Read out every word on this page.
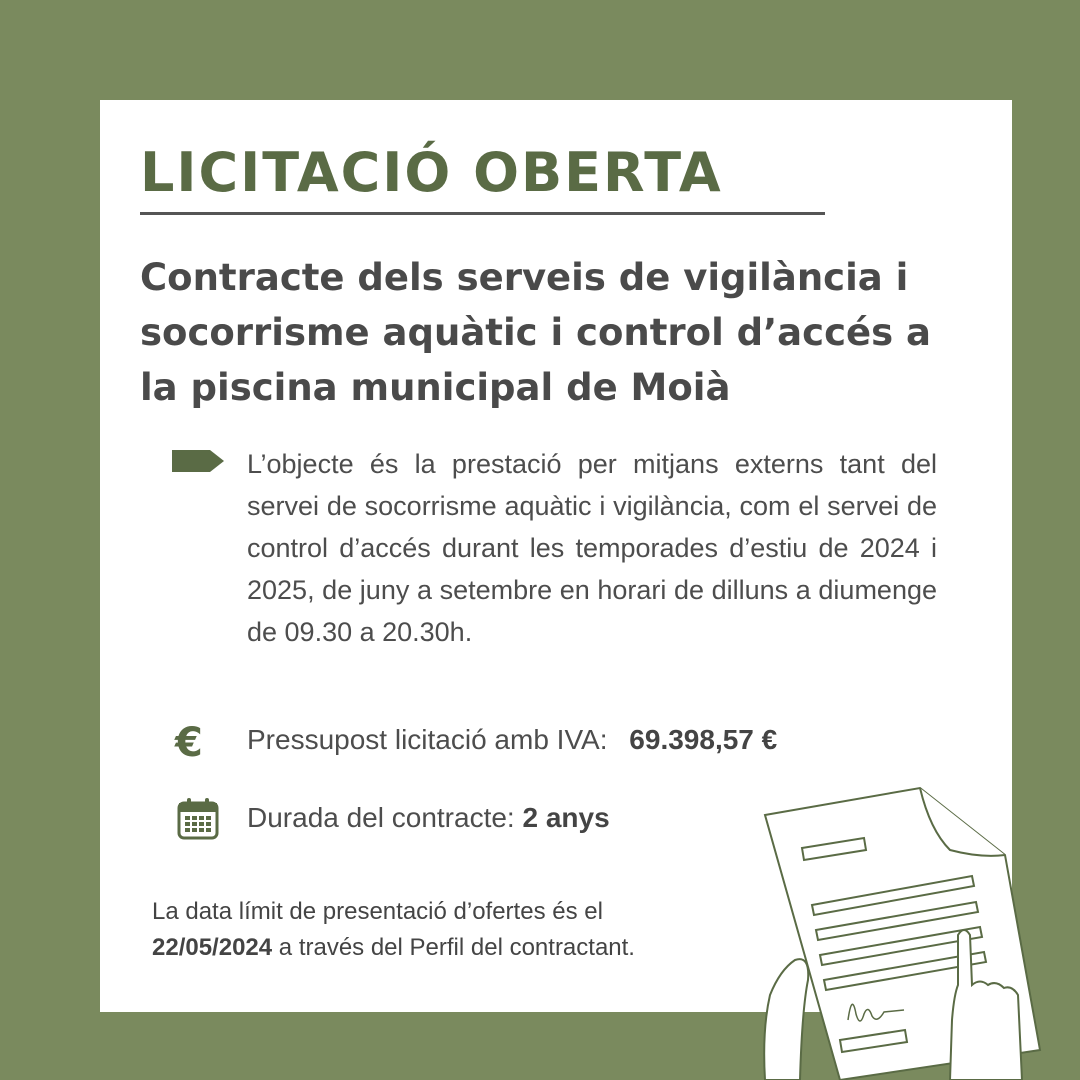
LICITACIÓ OBERTA
Contracte dels serveis de vigilància i socorrisme aquàtic i control d’accés a la piscina municipal de Moià

L’objecte és la prestació per mitjans externs tant del servei de socorrisme aquàtic i vigilància, com el servei de control d’accés durant les temporades d’estiu de 2024 i 2025, de juny a setembre en horari de dilluns a diumenge de 09.30 a 20.30h.

€ Pressupost licitació amb IVA: 69.398,57 €
Durada del contracte: 2 anys

La data límit de presentació d’ofertes és el
22/05/2024 a través del Perfil del contractant.
